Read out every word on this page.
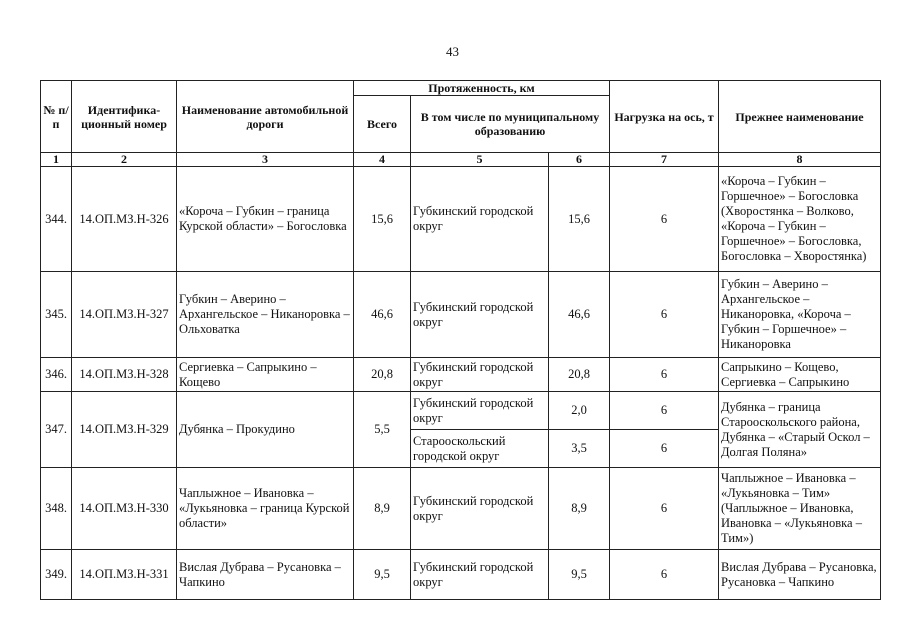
43
№ п/п	Идентифика-ционный номер	Наименование автомобильной дороги	Протяженность, км			Нагрузка на ось, т	Прежнее наименование
			Всего	В том числе по муниципальному образованию			
1	2	3	4	5	6	7	8
344.	14.ОП.МЗ.Н-326	«Короча – Губкин – граница Курской области» – Богословка	15,6	Губкинский городской округ	15,6	6	«Короча – Губкин – Горшечное» – Богословка (Хворостянка – Волково, «Короча – Губкин – Горшечное» – Богословка, Богословка – Хворостянка)
345.	14.ОП.МЗ.Н-327	Губкин – Аверино – Архангельское – Никаноровка – Ольховатка	46,6	Губкинский городской округ	46,6	6	Губкин – Аверино – Архангельское – Никаноровка, «Короча – Губкин – Горшечное» – Никаноровка
346.	14.ОП.МЗ.Н-328	Сергиевка – Сапрыкино – Кощево	20,8	Губкинский городской округ	20,8	6	Сапрыкино – Кощево, Сергиевка – Сапрыкино
347.	14.ОП.МЗ.Н-329	Дубянка – Прокудино	5,5	Губкинский городской округ	2,0	6	Дубянка – граница Старооскольского района, Дубянка – «Старый Оскол – Долгая Поляна»
				Старооскольский городской округ	3,5	6	
348.	14.ОП.МЗ.Н-330	Чаплыжное – Ивановка – «Лукьяновка – граница Курской области»	8,9	Губкинский городской округ	8,9	6	Чаплыжное – Ивановка – «Лукьяновка – Тим» (Чаплыжное – Ивановка, Ивановка – «Лукьяновка – Тим»)
349.	14.ОП.МЗ.Н-331	Вислая Дубрава – Русановка – Чапкино	9,5	Губкинский городской округ	9,5	6	Вислая Дубрава – Русановка, Русановка – Чапкино
